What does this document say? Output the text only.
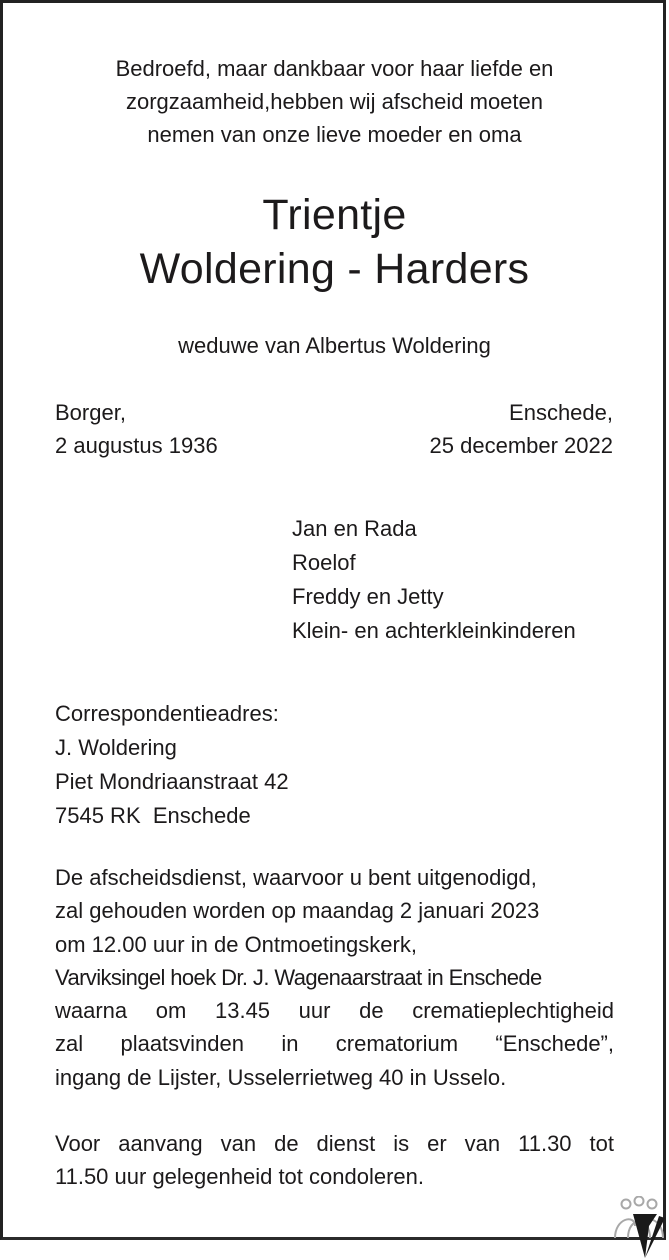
Bedroefd, maar dankbaar voor haar liefde en
zorgzaamheid,hebben wij afscheid moeten
nemen van onze lieve moeder en oma
Trientje
Woldering - Harders
weduwe van Albertus Woldering
Borger,
2 augustus 1936
Enschede,
25 december 2022
Jan en Rada
Roelof
Freddy en Jetty
Klein- en achterkleinkinderen
Correspondentieadres:
J. Woldering
Piet Mondriaanstraat 42
7545 RK  Enschede
De afscheidsdienst, waarvoor u bent uitgenodigd,
zal gehouden worden op maandag 2 januari 2023
om 12.00 uur in de Ontmoetingskerk,
Varviksingel hoek Dr. J. Wagenaarstraat in Enschede
waarna om 13.45 uur de crematieplechtigheid
zal plaatsvinden in crematorium “Enschede”,
ingang de Lijster, Usselerrietweg 40 in Usselo.
Voor aanvang van de dienst is er van 11.30 tot
11.50 uur gelegenheid tot condoleren.
